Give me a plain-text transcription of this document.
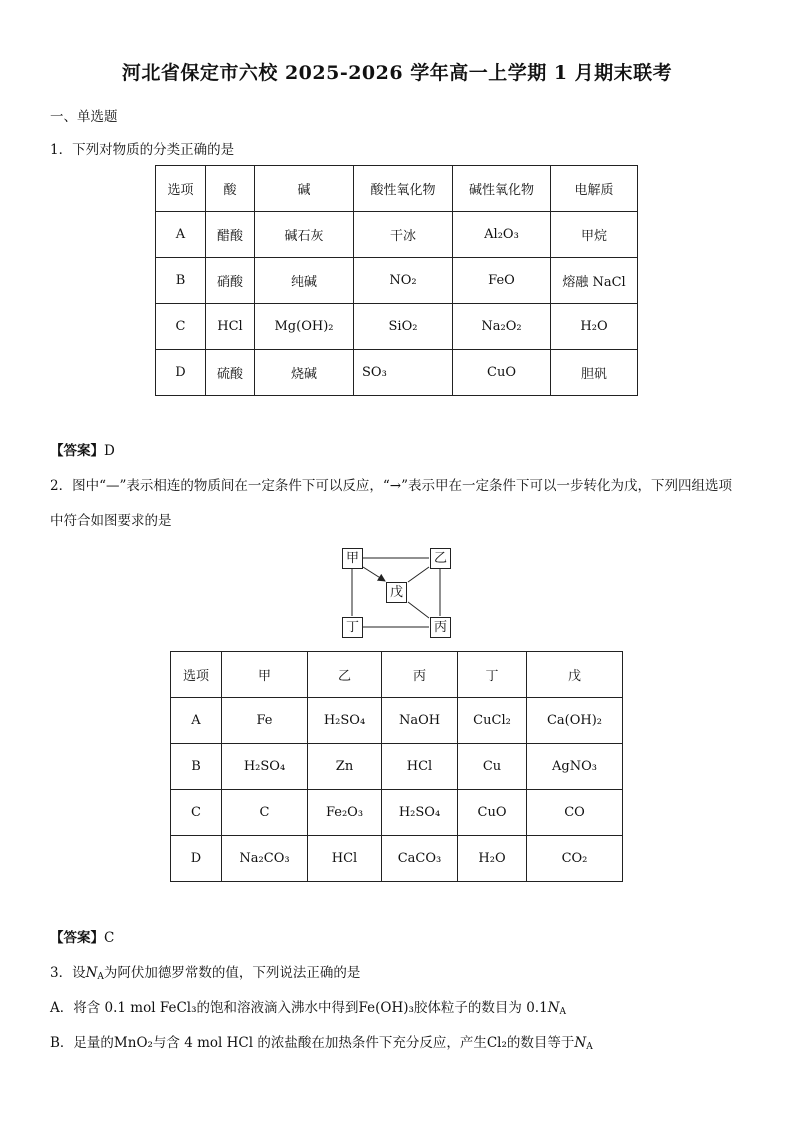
河北省保定市六校 2025-2026 学年高一上学期 1 月期末联考
一、单选题
1．下列对物质的分类正确的是
选项	酸	碱	酸性氧化物	碱性氧化物	电解质
A	醋酸	碱石灰	干冰	Al₂O₃	甲烷
B	硝酸	纯碱	NO₂	FeO	熔融 NaCl
C	HCl	Mg(OH)₂	SiO₂	Na₂O₂	H₂O
D	硫酸	烧碱	SO₃	CuO	胆矾
【答案】D
2．图中“—”表示相连的物质间在一定条件下可以反应，“→”表示甲在一定条件下可以一步转化为戊，下列四组选项
中符合如图要求的是
甲	乙
戊
丁	丙
选项	甲	乙	丙	丁	戊
A	Fe	H₂SO₄	NaOH	CuCl₂	Ca(OH)₂
B	H₂SO₄	Zn	HCl	Cu	AgNO₃
C	C	Fe₂O₃	H₂SO₄	CuO	CO
D	Na₂CO₃	HCl	CaCO₃	H₂O	CO₂
【答案】C
3．设$N_A$为阿伏加德罗常数的值，下列说法正确的是
A．将含 0.1 mol FeCl₃的饱和溶液滴入沸水中得到Fe(OH)₃胶体粒子的数目为 $0.1N_A$
B．足量的MnO₂与含 4 mol HCl 的浓盐酸在加热条件下充分反应，产生Cl₂的数目等于$N_A$
